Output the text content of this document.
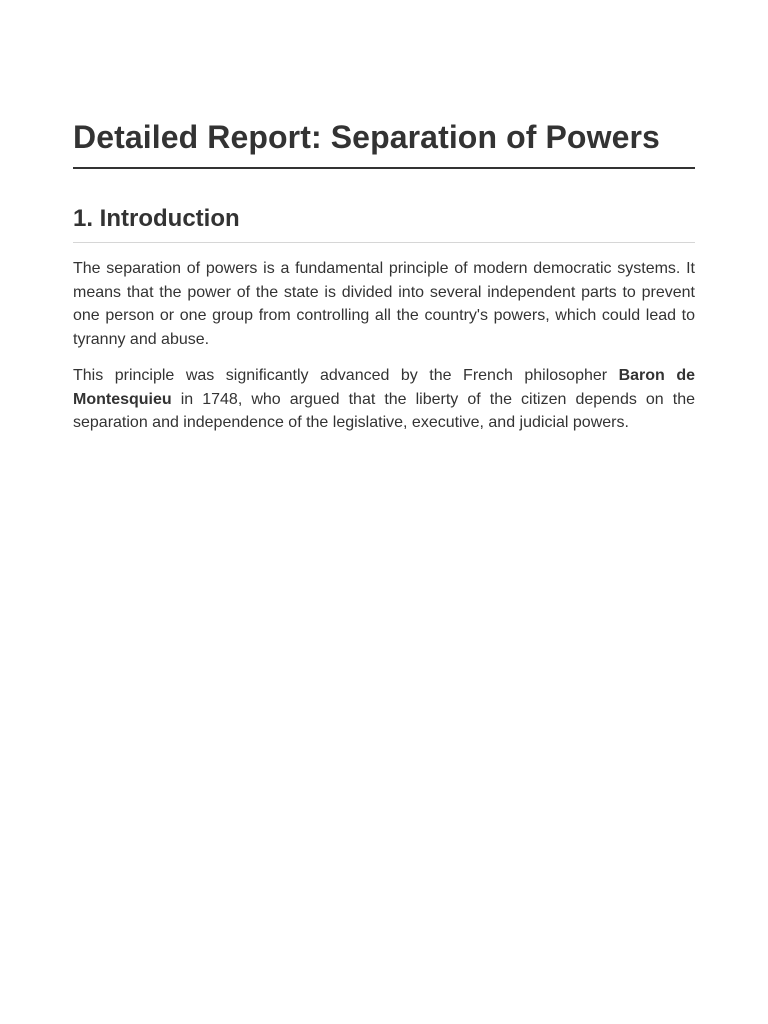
Detailed Report: Separation of Powers
1. Introduction

The separation of powers is a fundamental principle of modern democratic systems. It means that the power of the state is divided into several independent parts to prevent one person or one group from controlling all the country's powers, which could lead to tyranny and abuse.

This principle was significantly advanced by the French philosopher Baron de Montesquieu in 1748, who argued that the liberty of the citizen depends on the separation and independence of the legislative, executive, and judicial powers.
